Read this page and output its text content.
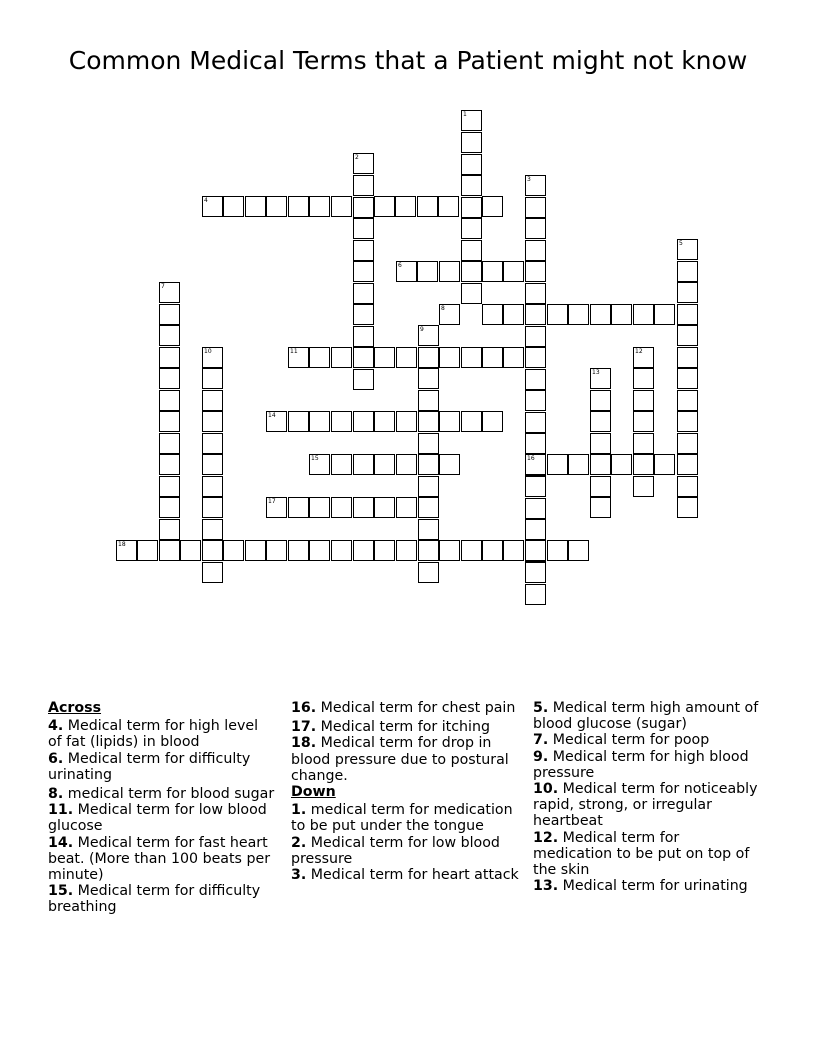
Common Medical Terms that a Patient might not know
1
2
3
4
5
6
7
8
9
10	11	12
13
14
15	16
17
18
Across
4. Medical term for high level of fat (lipids) in blood
6. Medical term for difficulty urinating
8. medical term for blood sugar
11. Medical term for low blood glucose
14. Medical term for fast heart beat. (More than 100 beats per minute)
15. Medical term for difficulty breathing
16. Medical term for chest pain
17. Medical term for itching
18. Medical term for drop in blood pressure due to postural change.
Down
1. medical term for medication to be put under the tongue
2. Medical term for low blood pressure
3. Medical term for heart attack
5. Medical term high amount of blood glucose (sugar)
7. Medical term for poop
9. Medical term for high blood pressure
10. Medical term for noticeably rapid, strong, or irregular heartbeat
12. Medical term for medication to be put on top of the skin
13. Medical term for urinating
